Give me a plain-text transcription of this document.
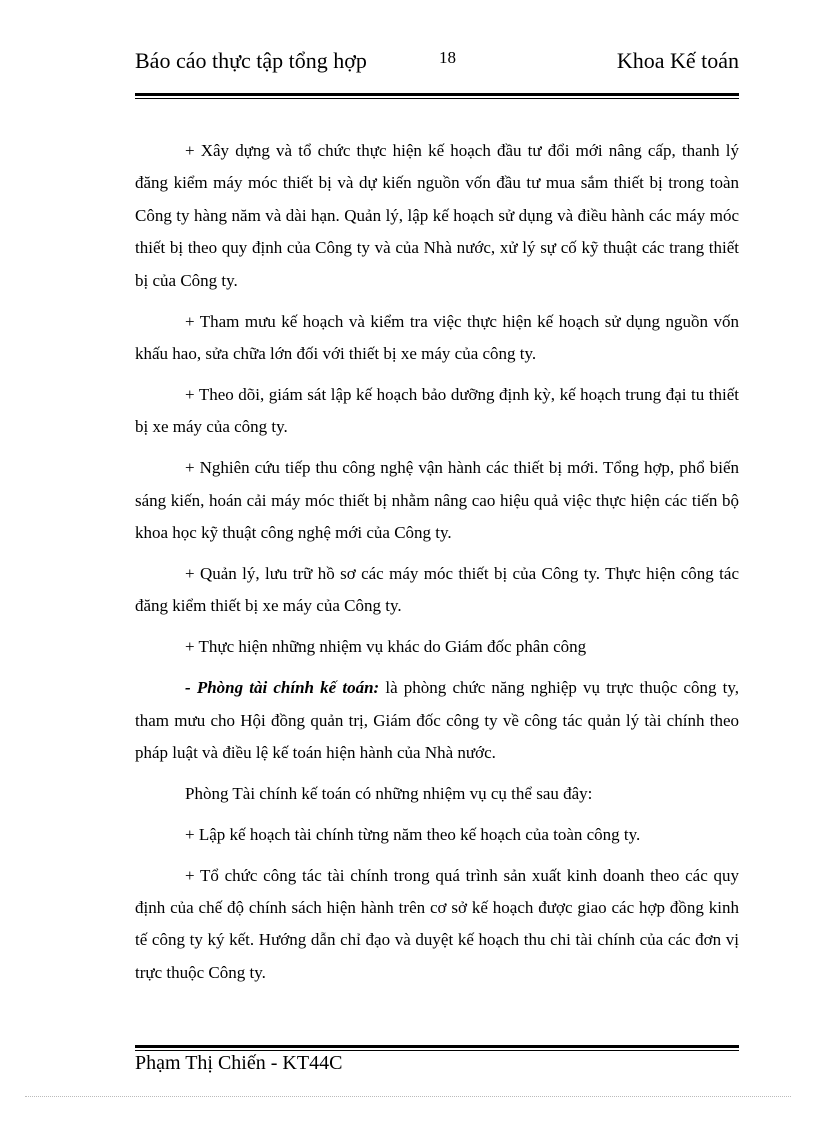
Báo cáo thực tập tổng hợp	18	Khoa Kế toán

+ Xây dựng và tổ chức thực hiện kế hoạch đầu tư đổi mới nâng cấp, thanh lý đăng kiểm máy móc thiết bị và dự kiến nguồn vốn đầu tư mua sắm thiết bị trong toàn Công ty hàng năm và dài hạn. Quản lý, lập kế hoạch sử dụng và điều hành các máy móc thiết bị theo quy định của Công ty và của Nhà nước, xử lý sự cố kỹ thuật các trang thiết bị của Công ty.

+ Tham mưu kế hoạch và kiểm tra việc thực hiện kế hoạch sử dụng nguồn vốn khấu hao, sửa chữa lớn đối với thiết bị xe máy của công ty.

+ Theo dõi, giám sát lập kế hoạch bảo dưỡng định kỳ, kế hoạch trung đại tu thiết bị xe máy của công ty.

+ Nghiên cứu tiếp thu công nghệ vận hành các thiết bị mới. Tổng hợp, phổ biến sáng kiến, hoán cải máy móc thiết bị nhằm nâng cao hiệu quả việc thực hiện các tiến bộ khoa học kỹ thuật công nghệ mới của Công ty.

+ Quản lý, lưu trữ hồ sơ các máy móc thiết bị của Công ty. Thực hiện công tác đăng kiểm thiết bị xe máy của Công ty.

+ Thực hiện những nhiệm vụ khác do Giám đốc phân công

- Phòng tài chính kế toán: là phòng chức năng nghiệp vụ trực thuộc công ty, tham mưu cho Hội đồng quản trị, Giám đốc công ty về công tác quản lý tài chính theo pháp luật và điều lệ kế toán hiện hành của Nhà nước.

Phòng Tài chính kế toán có những nhiệm vụ cụ thể sau đây:

+ Lập kế hoạch tài chính từng năm theo kế hoạch của toàn công ty.

+ Tổ chức công tác tài chính trong quá trình sản xuất kinh doanh theo các quy định của chế độ chính sách hiện hành trên cơ sở kế hoạch được giao các hợp đồng kinh tế công ty ký kết. Hướng dẫn chỉ đạo và duyệt kế hoạch thu chi tài chính của các đơn vị trực thuộc Công ty.

Phạm Thị Chiến - KT44C
